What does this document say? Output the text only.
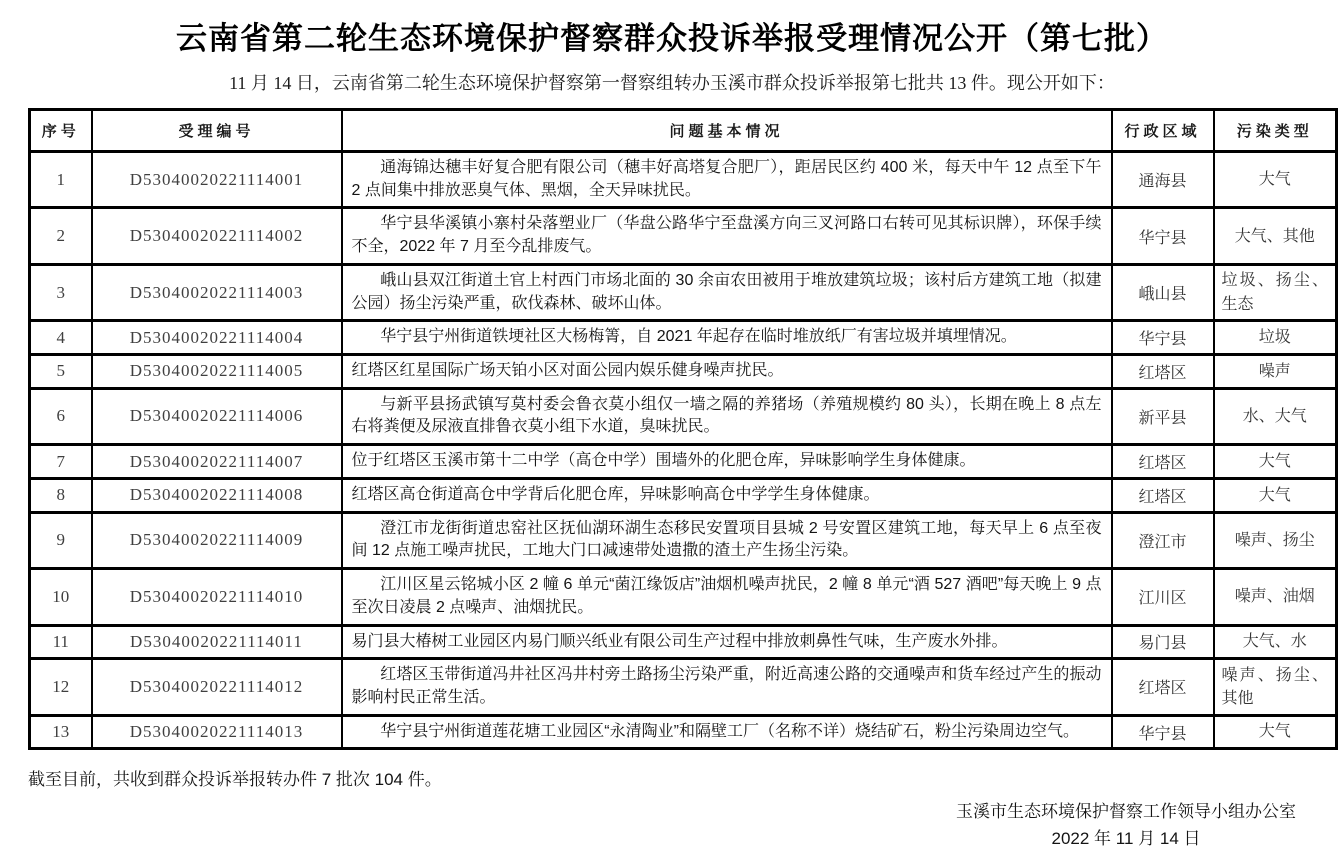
云南省第二轮生态环境保护督察群众投诉举报受理情况公开（第七批）
11 月 14 日，云南省第二轮生态环境保护督察第一督察组转办玉溪市群众投诉举报第七批共 13 件。现公开如下：
序号	受理编号	问题基本情况	行政区域	污染类型
1	D53040020221114001	通海锦达穗丰好复合肥有限公司（穗丰好高塔复合肥厂），距居民区约 400 米，每天中午 12 点至下午 2 点间集中排放恶臭气体、黑烟，全天异味扰民。	通海县	大气
2	D53040020221114002	华宁县华溪镇小寨村朵落塑业厂（华盘公路华宁至盘溪方向三叉河路口右转可见其标识牌），环保手续不全，2022 年 7 月至今乱排废气。	华宁县	大气、其他
3	D53040020221114003	峨山县双江街道土官上村西门市场北面的 30 余亩农田被用于堆放建筑垃圾；该村后方建筑工地（拟建公园）扬尘污染严重，砍伐森林、破坏山体。	峨山县	垃圾、扬尘、生态
4	D53040020221114004	华宁县宁州街道铁埂社区大杨梅箐，自 2021 年起存在临时堆放纸厂有害垃圾并填埋情况。	华宁县	垃圾
5	D53040020221114005	红塔区红星国际广场天铂小区对面公园内娱乐健身噪声扰民。	红塔区	噪声
6	D53040020221114006	与新平县扬武镇写莫村委会鲁衣莫小组仅一墙之隔的养猪场（养殖规模约 80 头），长期在晚上 8 点左右将粪便及尿液直排鲁衣莫小组下水道，臭味扰民。	新平县	水、大气
7	D53040020221114007	位于红塔区玉溪市第十二中学（高仓中学）围墙外的化肥仓库，异味影响学生身体健康。	红塔区	大气
8	D53040020221114008	红塔区高仓街道高仓中学背后化肥仓库，异味影响高仓中学学生身体健康。	红塔区	大气
9	D53040020221114009	澄江市龙街街道忠窑社区抚仙湖环湖生态移民安置项目县城 2 号安置区建筑工地，每天早上 6 点至夜间 12 点施工噪声扰民，工地大门口减速带处遗撒的渣土产生扬尘污染。	澄江市	噪声、扬尘
10	D53040020221114010	江川区星云铭城小区 2 幢 6 单元“菌江缘饭店”油烟机噪声扰民，2 幢 8 单元“酒 527 酒吧”每天晚上 9 点至次日凌晨 2 点噪声、油烟扰民。	江川区	噪声、油烟
11	D53040020221114011	易门县大椿树工业园区内易门顺兴纸业有限公司生产过程中排放刺鼻性气味，生产废水外排。	易门县	大气、水
12	D53040020221114012	红塔区玉带街道冯井社区冯井村旁土路扬尘污染严重，附近高速公路的交通噪声和货车经过产生的振动影响村民正常生活。	红塔区	噪声、扬尘、其他
13	D53040020221114013	华宁县宁州街道莲花塘工业园区“永清陶业”和隔壁工厂（名称不详）烧结矿石，粉尘污染周边空气。	华宁县	大气
截至目前，共收到群众投诉举报转办件 7 批次 104 件。
玉溪市生态环境保护督察工作领导小组办公室
2022 年 11 月 14 日
